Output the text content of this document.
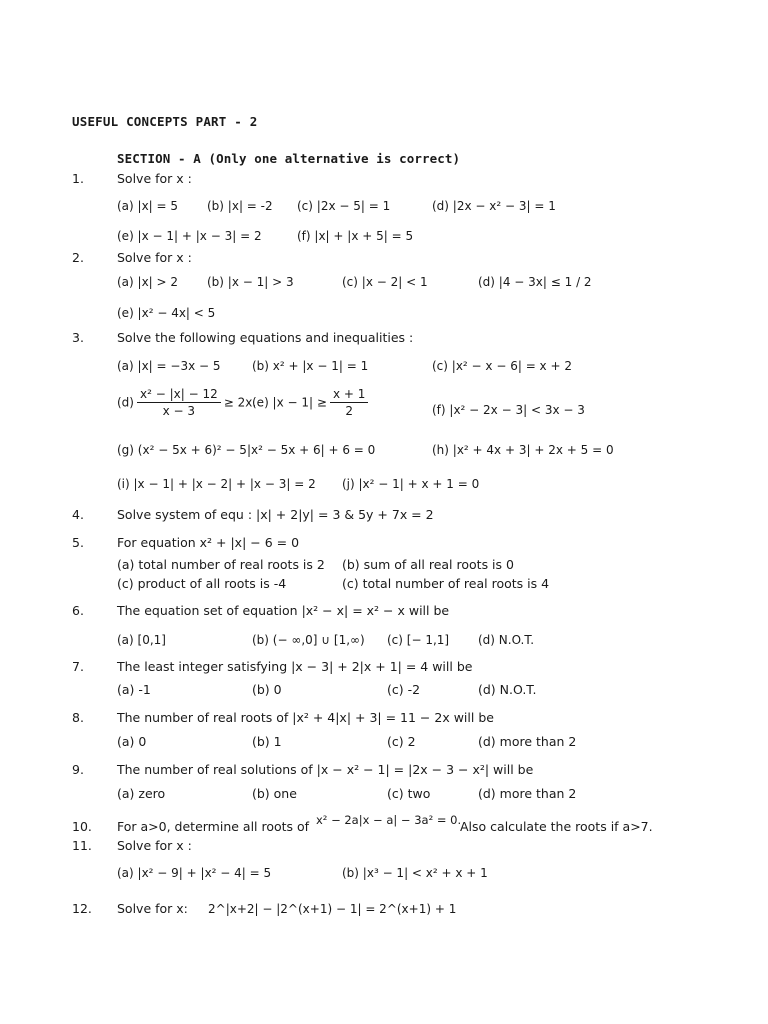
USEFUL CONCEPTS PART - 2
SECTION - A (Only one alternative is correct)
1.	Solve for x :
(a) |x| = 5 (b) |x| = -2 (c) |2x − 5| = 1	(d) |2x − x² − 3| = 1
(e) |x − 1| + |x − 3| = 2	(f) |x| + |x + 5| = 5
2.	Solve for x :
(a) |x| > 2 (b) |x − 1| > 3	(c) |x − 2| < 1	(d) |4 − 3x| ≤ 1 / 2
(e) |x² − 4x| < 5
3.	Solve the following equations and inequalities :
(a) |x| = −3x − 5	(b) x² + |x − 1| = 1	(c) |x² − x − 6| = x + 2
$(d) \frac{\text{x² − |x| − 12}}{x - 3} \ge 2x$.
(e) $|x - 1| \ge \frac{x + 1}{2}$	(f) |x² − 2x − 3| < 3x − 3
(g) (x² − 5x + 6)² − 5|x² − 5x + 6| + 6 = 0	(h) |x² + 4x + 3| + 2x + 5 = 0
(i) |x − 1| + |x − 2| + |x − 3| = 2 (j) |x² − 1| + x + 1 = 0
4.	Solve system of equ : |x| + 2|y| = 3 & 5y + 7x = 2
5.	For equation x² + |x| − 6 = 0
(a) total number of real roots is 2 (b) sum of all real roots is 0
(c) product of all roots is -4	(c) total number of real roots is 4
6.	The equation set of equation |x² − x| = x² − x will be
(a) [0,1]	(b) (− ∞,0] ∪ [1,∞) (c) [− 1,1] (d) N.O.T.
7.	The least integer satisfying |x − 3| + 2|x + 1| = 4 will be
(a) -1	(b) 0	(c) -2	(d) N.O.T.
8.	The number of real roots of |x² + 4|x| + 3| = 11 − 2x will be
(a) 0	(b) 1	(c) 2	(d) more than 2
9.	The number of real solutions of |x − x² − 1| = |2x − 3 − x²| will be
(a) zero	(b) one	(c) two	(d) more than 2
10. For a>0, determine all roots of x² − 2a|x − a| − 3a² = 0.
Also calculate the roots if a>7.
11. Solve for x :
(a) |x² − 9| + |x² − 4| = 5	(b) |x³ − 1| < x² + x + 1
12. Solve for x: 2^|x+2| − |2^(x+1) − 1| = 2^(x+1) + 1
